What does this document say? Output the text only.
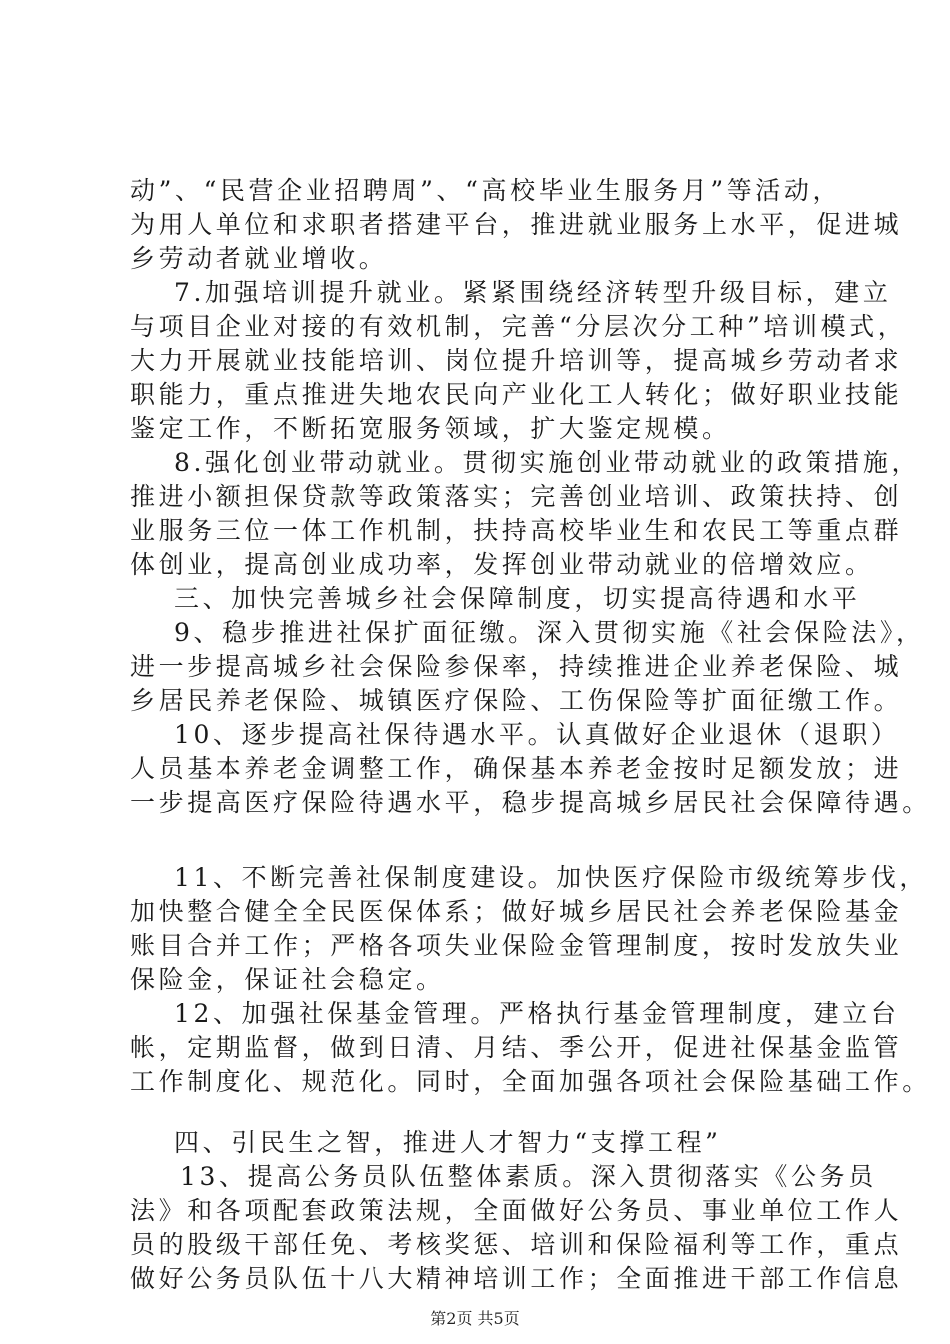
动”、“民营企业招聘周”、“高校毕业生服务月”等活动，
为用人单位和求职者搭建平台，推进就业服务上水平，促进城
乡劳动者就业增收。
7.加强培训提升就业。紧紧围绕经济转型升级目标，建立
与项目企业对接的有效机制，完善“分层次分工种”培训模式，
大力开展就业技能培训、岗位提升培训等，提高城乡劳动者求
职能力，重点推进失地农民向产业化工人转化；做好职业技能
鉴定工作，不断拓宽服务领域，扩大鉴定规模。
8.强化创业带动就业。贯彻实施创业带动就业的政策措施，
推进小额担保贷款等政策落实；完善创业培训、政策扶持、创
业服务三位一体工作机制，扶持高校毕业生和农民工等重点群
体创业，提高创业成功率，发挥创业带动就业的倍增效应。
三、加快完善城乡社会保障制度，切实提高待遇和水平
9、稳步推进社保扩面征缴。深入贯彻实施《社会保险法》，
进一步提高城乡社会保险参保率，持续推进企业养老保险、城
乡居民养老保险、城镇医疗保险、工伤保险等扩面征缴工作。
10、逐步提高社保待遇水平。认真做好企业退休（退职）
人员基本养老金调整工作，确保基本养老金按时足额发放；进
一步提高医疗保险待遇水平，稳步提高城乡居民社会保障待遇。
11、不断完善社保制度建设。加快医疗保险市级统筹步伐，
加快整合健全全民医保体系；做好城乡居民社会养老保险基金
账目合并工作；严格各项失业保险金管理制度，按时发放失业
保险金，保证社会稳定。
12、加强社保基金管理。严格执行基金管理制度，建立台
帐，定期监督，做到日清、月结、季公开，促进社保基金监管
工作制度化、规范化。同时，全面加强各项社会保险基础工作。
四、引民生之智，推进人才智力“支撑工程”
13、提高公务员队伍整体素质。深入贯彻落实《公务员
法》和各项配套政策法规，全面做好公务员、事业单位工作人
员的股级干部任免、考核奖惩、培训和保险福利等工作，重点
做好公务员队伍十八大精神培训工作；全面推进干部工作信息
第2页 共5页
